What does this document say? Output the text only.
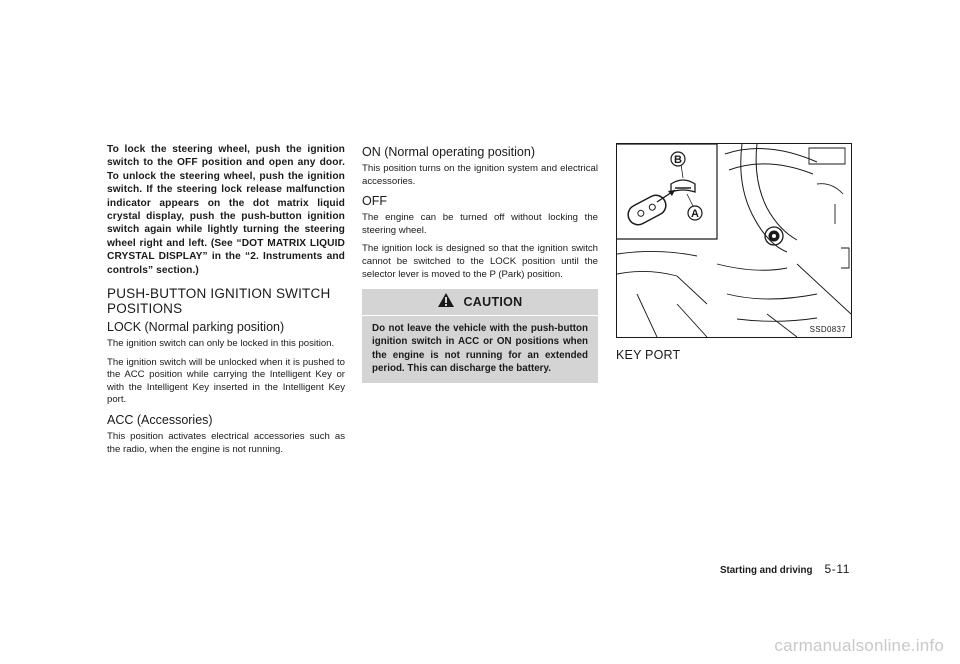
To lock the steering wheel, push the ignition switch to the OFF position and open any door. To unlock the steering wheel, push the ignition switch. If the steering lock release malfunction indicator appears on the dot matrix liquid crystal display, push the push-button ignition switch again while lightly turning the steering wheel right and left. (See “DOT MATRIX LIQUID CRYSTAL DISPLAY” in the “2. Instruments and controls” section.)

PUSH-BUTTON IGNITION SWITCH POSITIONS
LOCK (Normal parking position)

The ignition switch can only be locked in this position.

The ignition switch will be unlocked when it is pushed to the ACC position while carrying the Intelligent Key or with the Intelligent Key inserted in the Intelligent Key port.

ACC (Accessories)

This position activates electrical accessories such as the radio, when the engine is not running.

ON (Normal operating position)

This position turns on the ignition system and electrical accessories.

OFF

The engine can be turned off without locking the steering wheel.

The ignition lock is designed so that the ignition switch cannot be switched to the LOCK position until the selector lever is moved to the P (Park) position.

CAUTION
Do not leave the vehicle with the push-button ignition switch in ACC or ON positions when the engine is not running for an extended period. This can discharge the battery.
B
A
SSD0837
KEY PORT
Starting and driving 5-11
carmanualsonline.info
